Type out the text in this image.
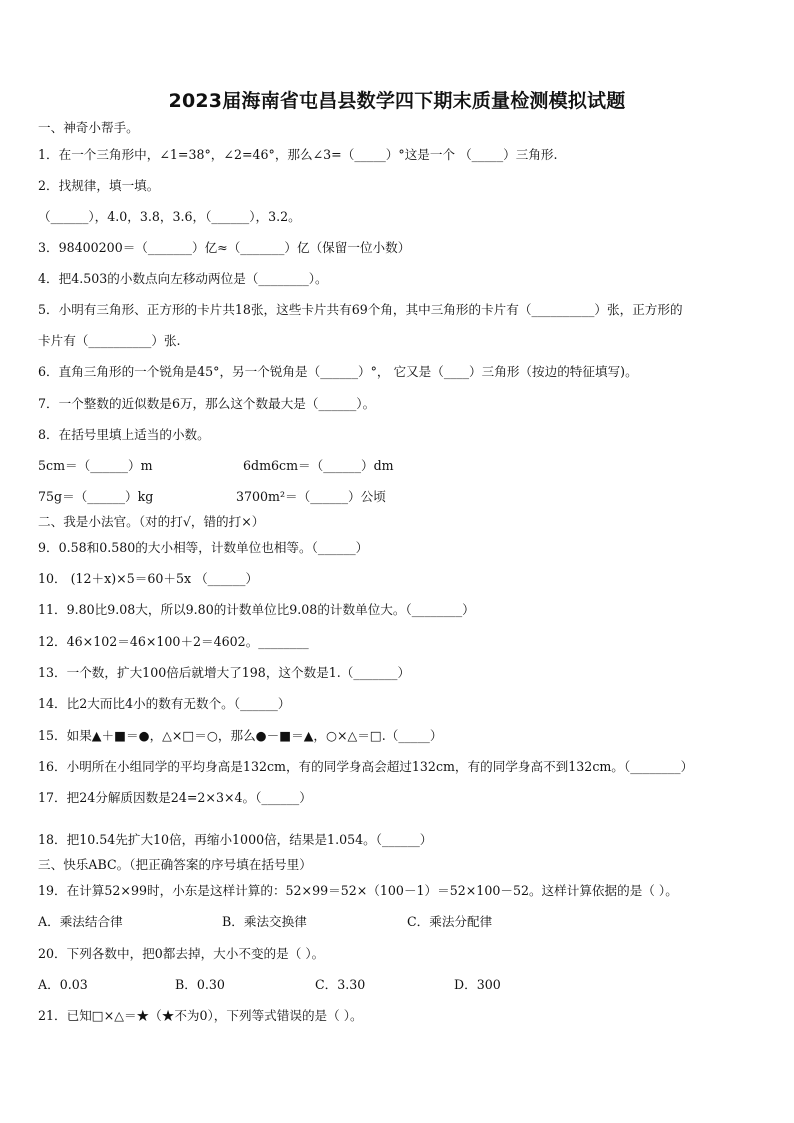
2023届海南省屯昌县数学四下期末质量检测模拟试题
一、神奇小帮手。
1．在一个三角形中，∠1=38°，∠2=46°，那么∠3=（_____）°这是一个 （_____）三角形.
2．找规律，填一填。
（______），4.0，3.8，3.6，（______），3.2。
3．98400200＝（_______）亿≈（_______）亿（保留一位小数）
4．把4.503的小数点向左移动两位是（________）。
5．小明有三角形、正方形的卡片共18张，这些卡片共有69个角，其中三角形的卡片有（__________）张，正方形的
卡片有（__________）张.
6．直角三角形的一个锐角是45°，另一个锐角是（______）°， 它又是（____）三角形（按边的特征填写)。
7．一个整数的近似数是6万，那么这个数最大是（______）。
8．在括号里填上适当的小数。
5cm＝（______）m	6dm6cm＝（______）dm
75g＝（______）kg	3700m²＝（______）公顷
二、我是小法官。（对的打√，错的打×）
9．0.58和0.580的大小相等，计数单位也相等。（______）
10． (12＋x)×5＝60＋5x （______）
11．9.80比9.08大，所以9.80的计数单位比9.08的计数单位大。（________）
12．46×102＝46×100＋2＝4602。________
13．一个数，扩大100倍后就增大了198，这个数是1.（_______）
14．比2大而比4小的数有无数个。（______）
15．如果▲＋■＝●，△×□＝○，那么●－■＝▲，○×△＝□.（_____）
16．小明所在小组同学的平均身高是132cm，有的同学身高会超过132cm，有的同学身高不到132cm。（________）
17．把24分解质因数是24=2×3×4。（______）
18．把10.54先扩大10倍，再缩小1000倍，结果是1.054。（______）
三、快乐ABC。（把正确答案的序号填在括号里）
19．在计算52×99时，小东是这样计算的：52×99＝52×（100－1）＝52×100－52。这样计算依据的是（ ）。
A．乘法结合律	B．乘法交换律	C．乘法分配律
20．下列各数中，把0都去掉，大小不变的是（ ）。
A．0.03	B．0.30	C．3.30	D．300
21．已知□×△＝★（★不为0），下列等式错误的是（ ）。
